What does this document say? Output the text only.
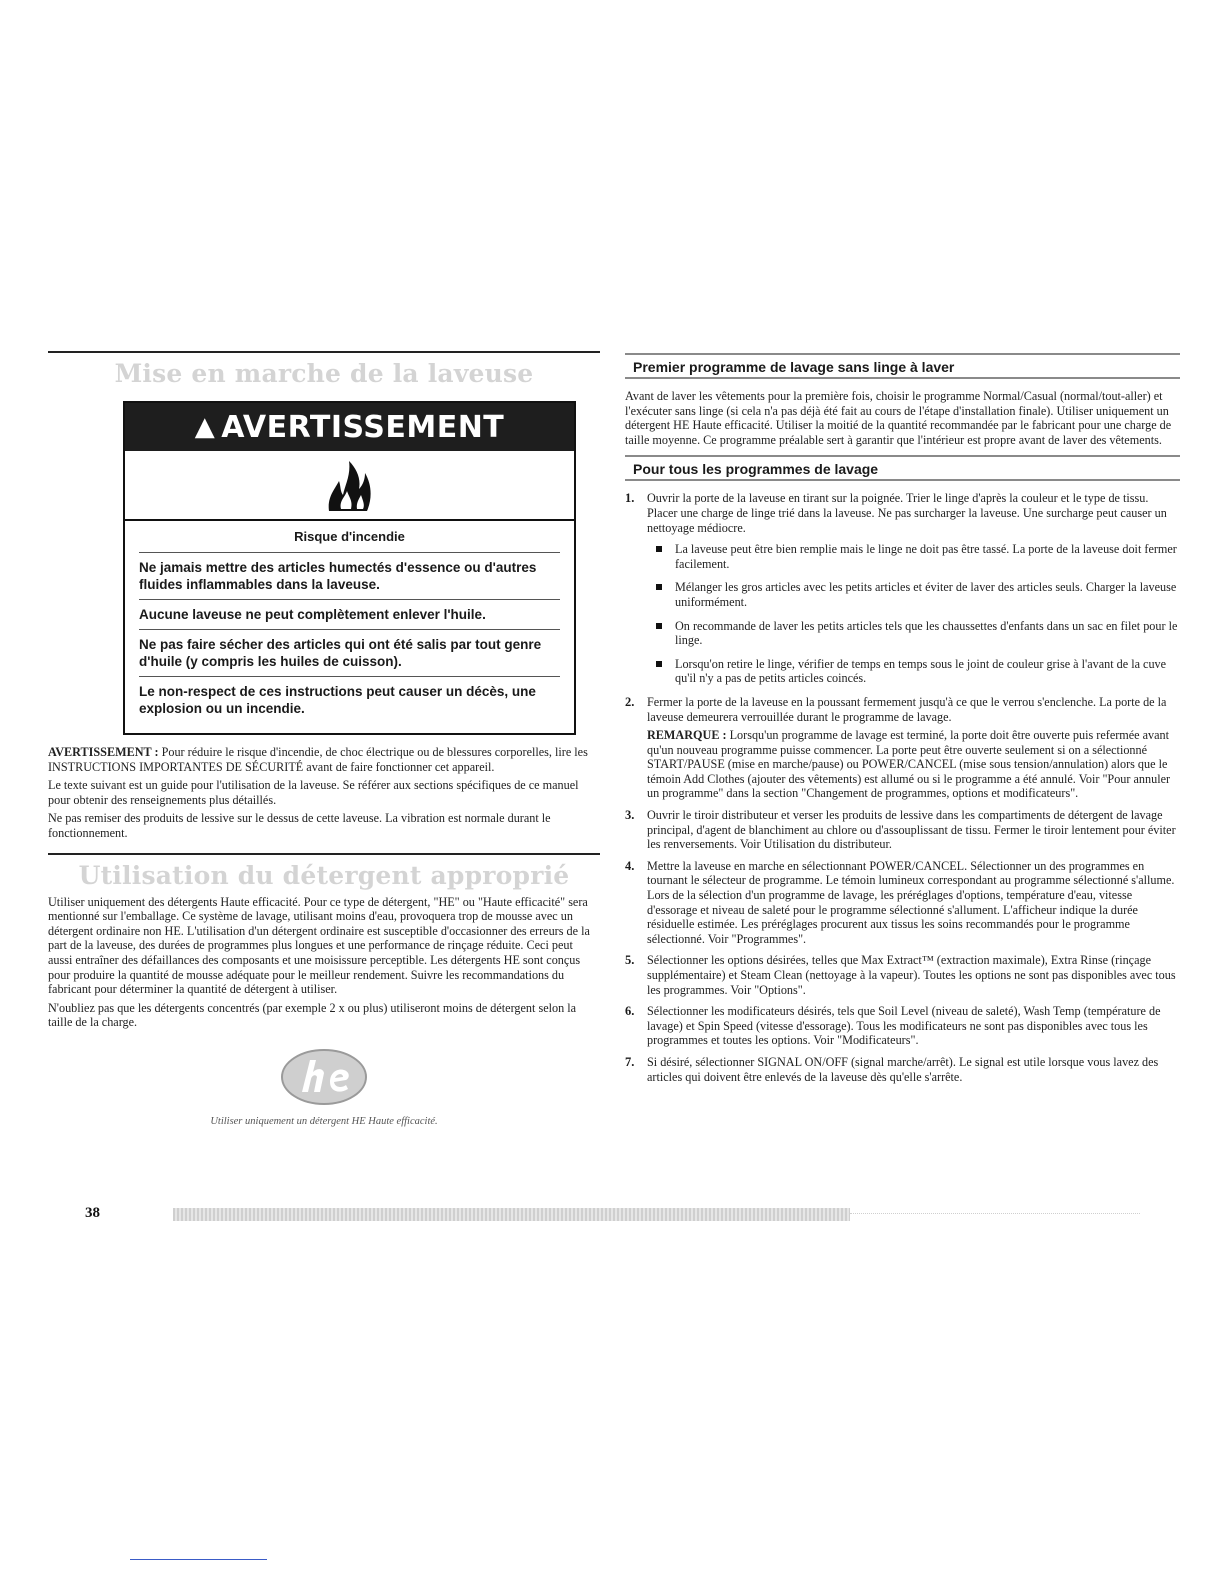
Mise en marche de la laveuse
▲ AVERTISSEMENT
Risque d'incendie
Ne jamais mettre des articles humectés d'essence ou d'autres fluides inflammables dans la laveuse.
Aucune laveuse ne peut complètement enlever l'huile.
Ne pas faire sécher des articles qui ont été salis par tout genre d'huile (y compris les huiles de cuisson).
Le non-respect de ces instructions peut causer un décès, une explosion ou un incendie.

AVERTISSEMENT : Pour réduire le risque d'incendie, de choc électrique ou de blessures corporelles, lire les INSTRUCTIONS IMPORTANTES DE SÉCURITÉ avant de faire fonctionner cet appareil.

Le texte suivant est un guide pour l'utilisation de la laveuse. Se référer aux sections spécifiques de ce manuel pour obtenir des renseignements plus détaillés.

Ne pas remiser des produits de lessive sur le dessus de cette laveuse. La vibration est normale durant le fonctionnement.

Utilisation du détergent approprié

Utiliser uniquement des détergents Haute efficacité. Pour ce type de détergent, "HE" ou "Haute efficacité" sera mentionné sur l'emballage. Ce système de lavage, utilisant moins d'eau, provoquera trop de mousse avec un détergent ordinaire non HE. L'utilisation d'un détergent ordinaire est susceptible d'occasionner des erreurs de la part de la laveuse, des durées de programmes plus longues et une performance de rinçage réduite. Ceci peut aussi entraîner des défaillances des composants et une moisissure perceptible. Les détergents HE sont conçus pour produire la quantité de mousse adéquate pour le meilleur rendement. Suivre les recommandations du fabricant pour déterminer la quantité de détergent à utiliser.

N'oubliez pas que les détergents concentrés (par exemple 2 x ou plus) utiliseront moins de détergent selon la taille de la charge.

Utiliser uniquement un détergent HE Haute efficacité.

Premier programme de lavage sans linge à laver

Avant de laver les vêtements pour la première fois, choisir le programme Normal/Casual (normal/tout-aller) et l'exécuter sans linge (si cela n'a pas déjà été fait au cours de l'étape d'installation finale). Utiliser uniquement un détergent HE Haute efficacité. Utiliser la moitié de la quantité recommandée par le fabricant pour une charge de taille moyenne. Ce programme préalable sert à garantir que l'intérieur est propre avant de laver des vêtements.

Pour tous les programmes de lavage
1. Ouvrir la porte de la laveuse en tirant sur la poignée. Trier le linge d'après la couleur et le type de tissu. Placer une charge de linge trié dans la laveuse. Ne pas surcharger la laveuse. Une surcharge peut causer un nettoyage médiocre.
La laveuse peut être bien remplie mais le linge ne doit pas être tassé. La porte de la laveuse doit fermer facilement.
Mélanger les gros articles avec les petits articles et éviter de laver des articles seuls. Charger la laveuse uniformément.
On recommande de laver les petits articles tels que les chaussettes d'enfants dans un sac en filet pour le linge.
Lorsqu'on retire le linge, vérifier de temps en temps sous le joint de couleur grise à l'avant de la cuve qu'il n'y a pas de petits articles coincés.
2. Fermer la porte de la laveuse en la poussant fermement jusqu'à ce que le verrou s'enclenche. La porte de la laveuse demeurera verrouillée durant le programme de lavage.
REMARQUE : Lorsqu'un programme de lavage est terminé, la porte doit être ouverte puis refermée avant qu'un nouveau programme puisse commencer. La porte peut être ouverte seulement si on a sélectionné START/PAUSE (mise en marche/pause) ou POWER/CANCEL (mise sous tension/annulation) alors que le témoin Add Clothes (ajouter des vêtements) est allumé ou si le programme a été annulé. Voir "Pour annuler un programme" dans la section "Changement de programmes, options et modificateurs".
3. Ouvrir le tiroir distributeur et verser les produits de lessive dans les compartiments de détergent de lavage principal, d'agent de blanchiment au chlore ou d'assouplissant de tissu. Fermer le tiroir lentement pour éviter les renversements. Voir Utilisation du distributeur.
4. Mettre la laveuse en marche en sélectionnant POWER/CANCEL. Sélectionner un des programmes en tournant le sélecteur de programme. Le témoin lumineux correspondant au programme sélectionné s'allume. Lors de la sélection d'un programme de lavage, les préréglages d'options, température d'eau, vitesse d'essorage et niveau de saleté pour le programme sélectionné s'allument. L'afficheur indique la durée résiduelle estimée. Les préréglages procurent aux tissus les soins recommandés pour le programme sélectionné. Voir "Programmes".
5. Sélectionner les options désirées, telles que Max Extract™ (extraction maximale), Extra Rinse (rinçage supplémentaire) et Steam Clean (nettoyage à la vapeur). Toutes les options ne sont pas disponibles avec tous les programmes. Voir "Options".
6. Sélectionner les modificateurs désirés, tels que Soil Level (niveau de saleté), Wash Temp (température de lavage) et Spin Speed (vitesse d'essorage). Tous les modificateurs ne sont pas disponibles avec tous les programmes et toutes les options. Voir "Modificateurs".
7. Si désiré, sélectionner SIGNAL ON/OFF (signal marche/arrêt). Le signal est utile lorsque vous lavez des articles qui doivent être enlevés de la laveuse dès qu'elle s'arrête.
38
